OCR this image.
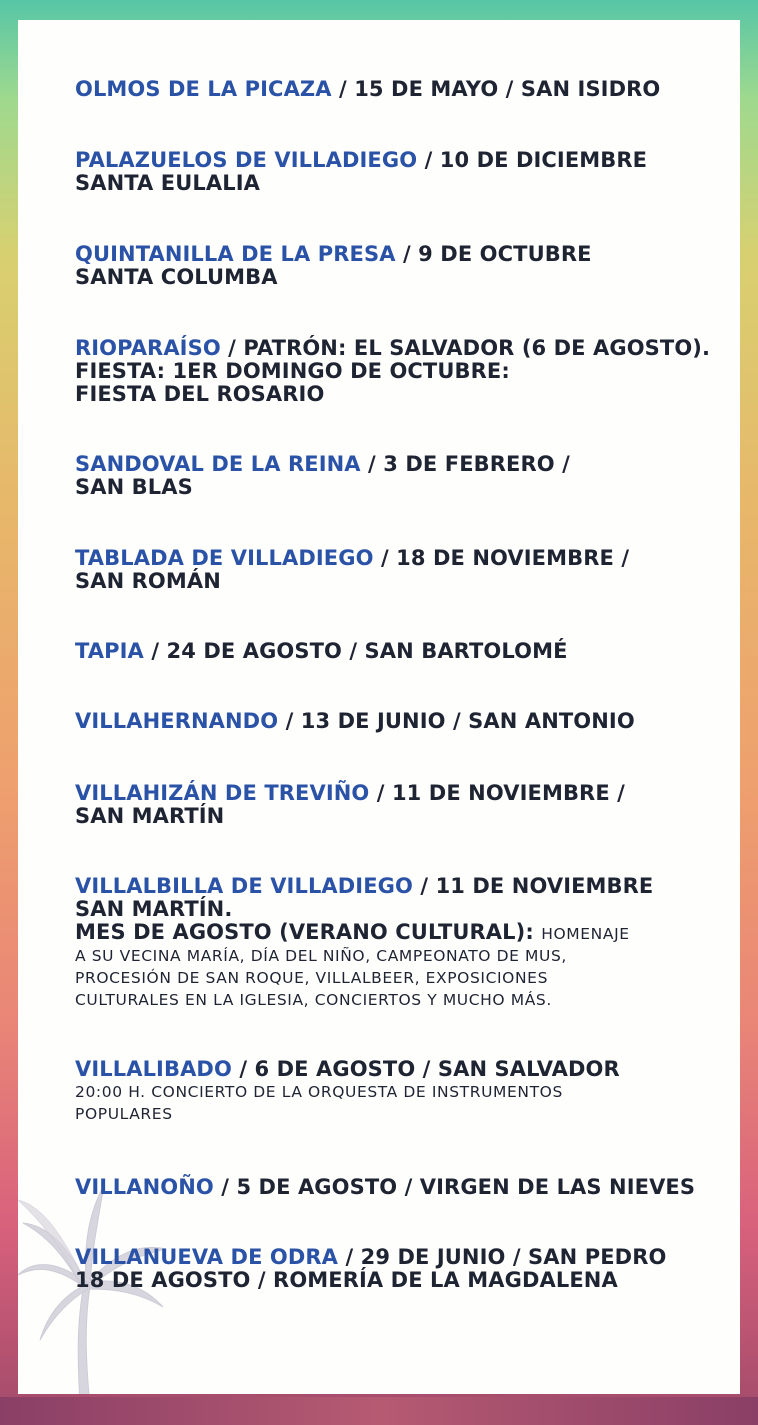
OLMOS DE LA PICAZA / 15 DE MAYO / SAN ISIDRO
PALAZUELOS DE VILLADIEGO / 10 DE DICIEMBRE
SANTA EULALIA
QUINTANILLA DE LA PRESA / 9 DE OCTUBRE
SANTA COLUMBA
RIOPARAÍSO / PATRÓN: EL SALVADOR (6 DE AGOSTO).
FIESTA: 1ER DOMINGO DE OCTUBRE:
FIESTA DEL ROSARIO
SANDOVAL DE LA REINA / 3 DE FEBRERO /
SAN BLAS
TABLADA DE VILLADIEGO / 18 DE NOVIEMBRE /
SAN ROMÁN
TAPIA / 24 DE AGOSTO / SAN BARTOLOMÉ
VILLAHERNANDO / 13 DE JUNIO / SAN ANTONIO
VILLAHIZÁN DE TREVIÑO / 11 DE NOVIEMBRE /
SAN MARTÍN
VILLALBILLA DE VILLADIEGO / 11 DE NOVIEMBRE
SAN MARTÍN.
MES DE AGOSTO (VERANO CULTURAL): HOMENAJE
A SU VECINA MARÍA, DÍA DEL NIÑO, CAMPEONATO DE MUS,
PROCESIÓN DE SAN ROQUE, VILLALBEER, EXPOSICIONES
CULTURALES EN LA IGLESIA, CONCIERTOS Y MUCHO MÁS.
VILLALIBADO / 6 DE AGOSTO / SAN SALVADOR
20:00 H. CONCIERTO DE LA ORQUESTA DE INSTRUMENTOS
POPULARES
VILLANOÑO / 5 DE AGOSTO / VIRGEN DE LAS NIEVES
VILLANUEVA DE ODRA / 29 DE JUNIO / SAN PEDRO
18 DE AGOSTO / ROMERÍA DE LA MAGDALENA
